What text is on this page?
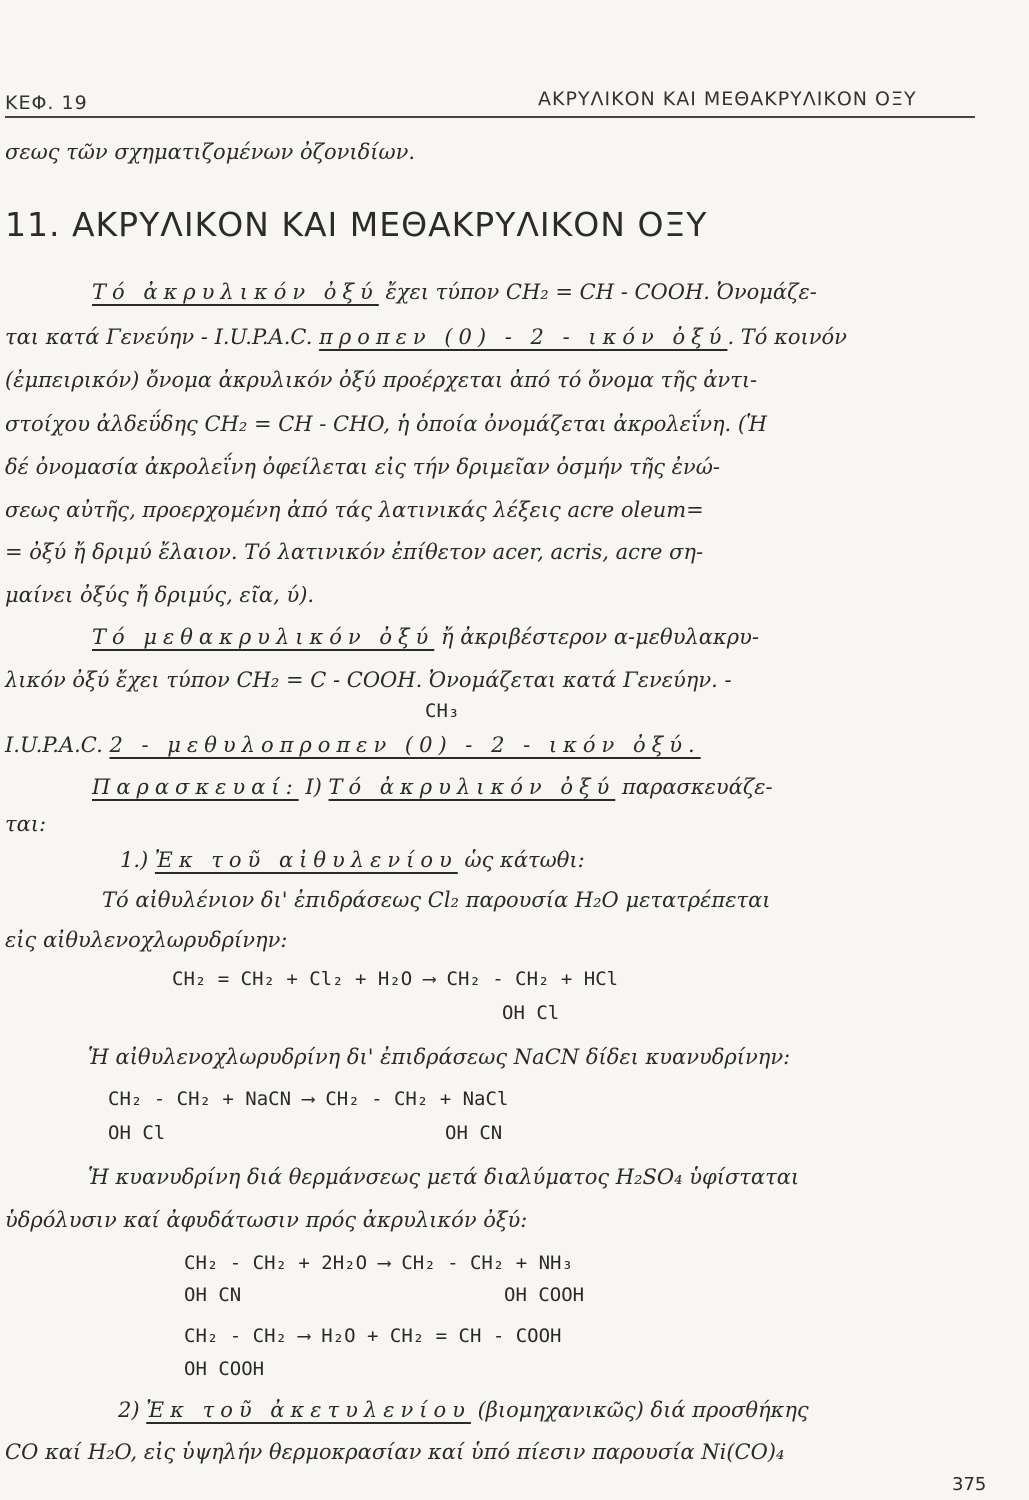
ΚΕΦ. 19	ΑΚΡΥΛΙΚΟΝ ΚΑΙ ΜΕΘΑΚΡΥΛΙΚΟΝ ΟΞΥ
σεως τῶν σχηματιζομένων ὀζονιδίων.
11. ΑΚΡΥΛΙΚΟΝ ΚΑΙ ΜΕΘΑΚΡΥΛΙΚΟΝ ΟΞΥ
Τό ἀκρυλικόν ὀξύ ἔχει τύπον CH₂ = CH - COOH. Ὀνομάζε-
ται κατά Γενεύην - I.U.P.A.C. προπεν (0) - 2 - ικόν ὀξύ. Τό κοινόν
(ἐμπειρικόν) ὄνομα ἀκρυλικόν ὀξύ προέρχεται ἀπό τό ὄνομα τῆς ἀντι-
στοίχου ἀλδεΰδης CH₂ = CH - CHO, ἡ ὁποία ὀνομάζεται ἀκρολεΐνη. (Ἡ
δέ ὀνομασία ἀκρολεΐνη ὀφείλεται εἰς τήν δριμεῖαν ὀσμήν τῆς ἐνώ-
σεως αὐτῆς, προερχομένη ἀπό τάς λατινικάς λέξεις acre oleum=
= ὀξύ ἤ δριμύ ἔλαιον. Τό λατινικόν ἐπίθετον acer, acris, acre ση-
μαίνει ὀξύς ἤ δριμύς, εῖα, ύ).
Τό μεθακρυλικόν ὀξύ ἤ ἀκριβέστερον α-μεθυλακρυ-
λικόν ὀξύ ἔχει τύπον CH₂ = C - COOH. Ὀνομάζεται κατά Γενεύην. -
CH₃
I.U.P.A.C. 2 - μεθυλοπροπεν (0) - 2 - ικόν ὀξύ.
Παρασκευαί: I) Τό ἀκρυλικόν ὀξύ παρασκευάζε-
ται:
1.) Ἐκ τοῦ αἰθυλενίου ὡς κάτωθι:
Τό αἰθυλένιον δι' ἐπιδράσεως Cl₂ παρουσία H₂O μετατρέπεται
εἰς αἰθυλενοχλωρυδρίνην:
CH₂ = CH₂ + Cl₂ + H₂O ⟶ CH₂ - CH₂ + HCl
OH Cl
Ἡ αἰθυλενοχλωρυδρίνη δι' ἐπιδράσεως NaCN δίδει κυανυδρίνην:
CH₂ - CH₂ + NaCN ⟶ CH₂ - CH₂ + NaCl
OH Cl	OH CN
Ἡ κυανυδρίνη διά θερμάνσεως μετά διαλύματος H₂SO₄ ὑφίσταται
ὑδρόλυσιν καί ἀφυδάτωσιν πρός ἀκρυλικόν ὀξύ:
CH₂ - CH₂ + 2H₂O ⟶ CH₂ - CH₂ + NH₃
OH CN	OH COOH
CH₂ - CH₂ ⟶ H₂O + CH₂ = CH - COOH
OH COOH
2) Ἐκ τοῦ ἀκετυλενίου (βιομηχανικῶς) διά προσθήκης
CO καί H₂O, εἰς ὑψηλήν θερμοκρασίαν καί ὑπό πίεσιν παρουσία Ni(CO)₄
375
